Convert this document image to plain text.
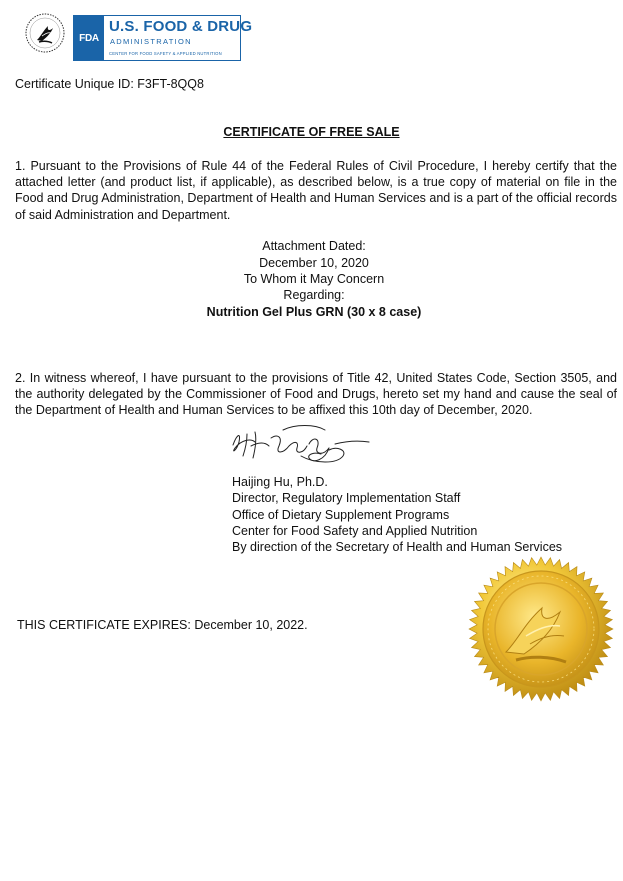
FDA
U.S. FOOD & DRUG
ADMINISTRATION
CENTER FOR FOOD SAFETY & APPLIED NUTRITION
Certificate Unique ID: F3FT-8QQ8
CERTIFICATE OF FREE SALE
1. Pursuant to the Provisions of Rule 44 of the Federal Rules of Civil Procedure, I hereby certify that the attached letter (and product list, if applicable), as described below, is a true copy of material on file in the Food and Drug Administration, Department of Health and Human Services and is a part of the official records of said Administration and Department.
Attachment Dated:
December 10, 2020
To Whom it May Concern
Regarding:
Nutrition Gel Plus GRN (30 x 8 case)
2. In witness whereof, I have pursuant to the provisions of Title 42, United States Code, Section 3505, and the authority delegated by the Commissioner of Food and Drugs, hereto set my hand and cause the seal of the Department of Health and Human Services to be affixed this 10th day of December, 2020.
Haijing Hu, Ph.D.
Director, Regulatory Implementation Staff
Office of Dietary Supplement Programs
Center for Food Safety and Applied Nutrition
By direction of the Secretary of Health and Human Services
THIS CERTIFICATE EXPIRES: December 10, 2022.
